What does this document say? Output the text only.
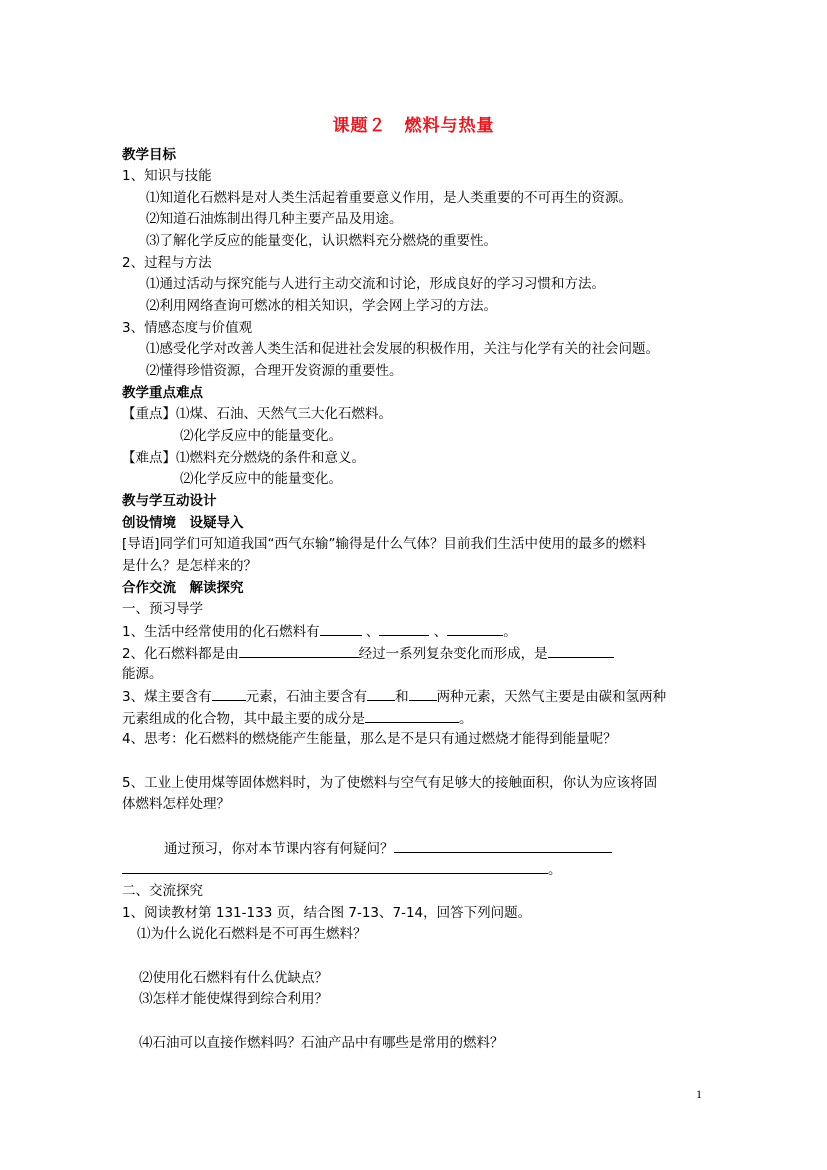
课题２　燃料与热量
教学目标
1、知识与技能
⑴知道化石燃料是对人类生活起着重要意义作用，是人类重要的不可再生的资源。
⑵知道石油炼制出得几种主要产品及用途。
⑶了解化学反应的能量变化，认识燃料充分燃烧的重要性。
2、过程与方法
⑴通过活动与探究能与人进行主动交流和讨论，形成良好的学习习惯和方法。
⑵利用网络查询可燃冰的相关知识，学会网上学习的方法。
3、情感态度与价值观
⑴感受化学对改善人类生活和促进社会发展的积极作用，关注与化学有关的社会问题。
⑵懂得珍惜资源，合理开发资源的重要性。
教学重点难点
【重点】⑴煤、石油、天然气三大化石燃料。
⑵化学反应中的能量变化。
【难点】⑴燃料充分燃烧的条件和意义。
⑵化学反应中的能量变化。
教与学互动设计
创设情境　设疑导入
[导语]同学们可知道我国“西气东输”输得是什么气体？目前我们生活中使用的最多的燃料
是什么？是怎样来的？
合作交流　解读探究
一、预习导学
1、生活中经常使用的化石燃料有	、	、	。
2、化石燃料都是由	经过一系列复杂变化而形成，是
能源。
3、煤主要含有	元素，石油主要含有 和 两种元素，天然气主要是由碳和氢两种
元素组成的化合物，其中最主要的成分是	。
4、思考：化石燃料的燃烧能产生能量，那么是不是只有通过燃烧才能得到能量呢？
5、工业上使用煤等固体燃料时，为了使燃料与空气有足够大的接触面积，你认为应该将固
体燃料怎样处理？
通过预习，你对本节课内容有何疑问？
。
二、交流探究
1、阅读教材第 131-133 页，结合图 7-13、7-14，回答下列问题。
⑴为什么说化石燃料是不可再生燃料？
⑵使用化石燃料有什么优缺点？
⑶怎样才能使煤得到综合利用？
⑷石油可以直接作燃料吗？石油产品中有哪些是常用的燃料？
1
